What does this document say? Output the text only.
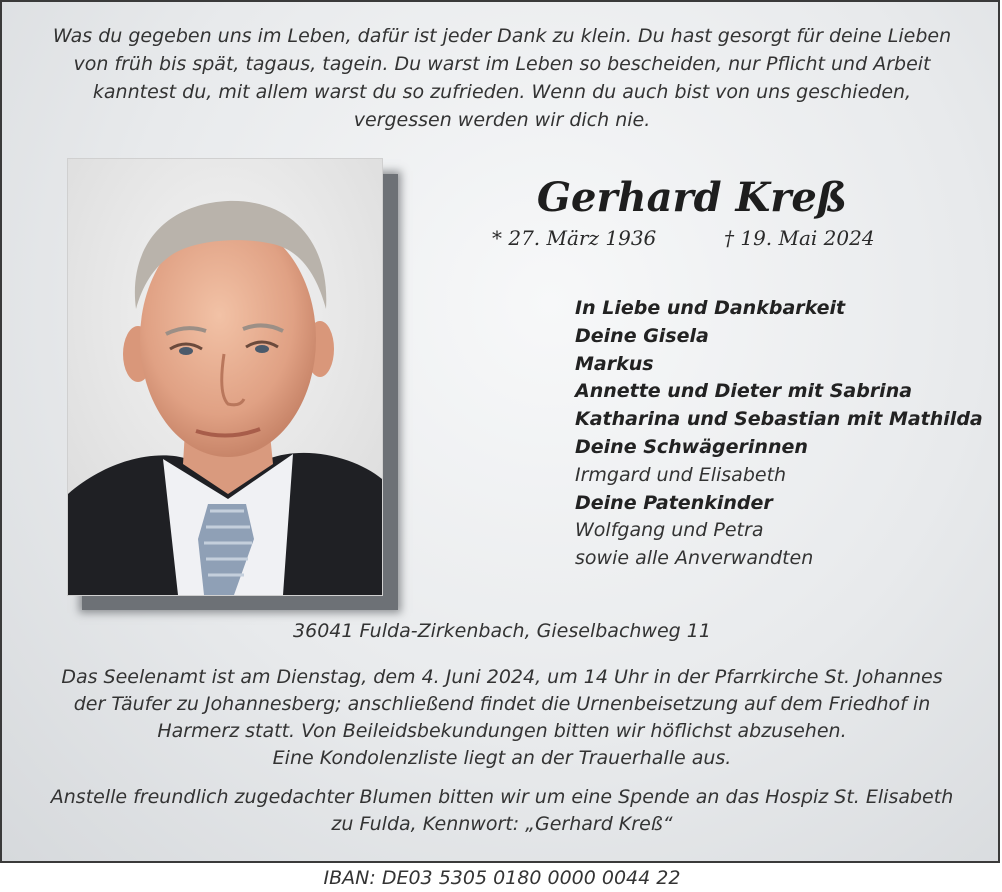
Was du gegeben uns im Leben, dafür ist jeder Dank zu klein. Du hast gesorgt für deine Lieben
von früh bis spät, tagaus, tagein. Du warst im Leben so bescheiden, nur Pflicht und Arbeit
kanntest du, mit allem warst du so zufrieden. Wenn du auch bist von uns geschieden,
vergessen werden wir dich nie.
Gerhard Kreß
* 27. März 1936	† 19. Mai 2024
In Liebe und Dankbarkeit
Deine Gisela
Markus
Annette und Dieter mit Sabrina
Katharina und Sebastian mit Mathilda
Deine Schwägerinnen
Irmgard und Elisabeth
Deine Patenkinder
Wolfgang und Petra
sowie alle Anverwandten
36041 Fulda-Zirkenbach, Gieselbachweg 11
Das Seelenamt ist am Dienstag, dem 4. Juni 2024, um 14 Uhr in der Pfarrkirche St. Johannes
der Täufer zu Johannesberg; anschließend findet die Urnenbeisetzung auf dem Friedhof in
Harmerz statt. Von Beileidsbekundungen bitten wir höflichst abzusehen.
Eine Kondolenzliste liegt an der Trauerhalle aus.
Anstelle freundlich zugedachter Blumen bitten wir um eine Spende an das Hospiz St. Elisabeth
zu Fulda, Kennwort: „Gerhard Kreß“
IBAN: DE03 5305 0180 0000 0044 22
